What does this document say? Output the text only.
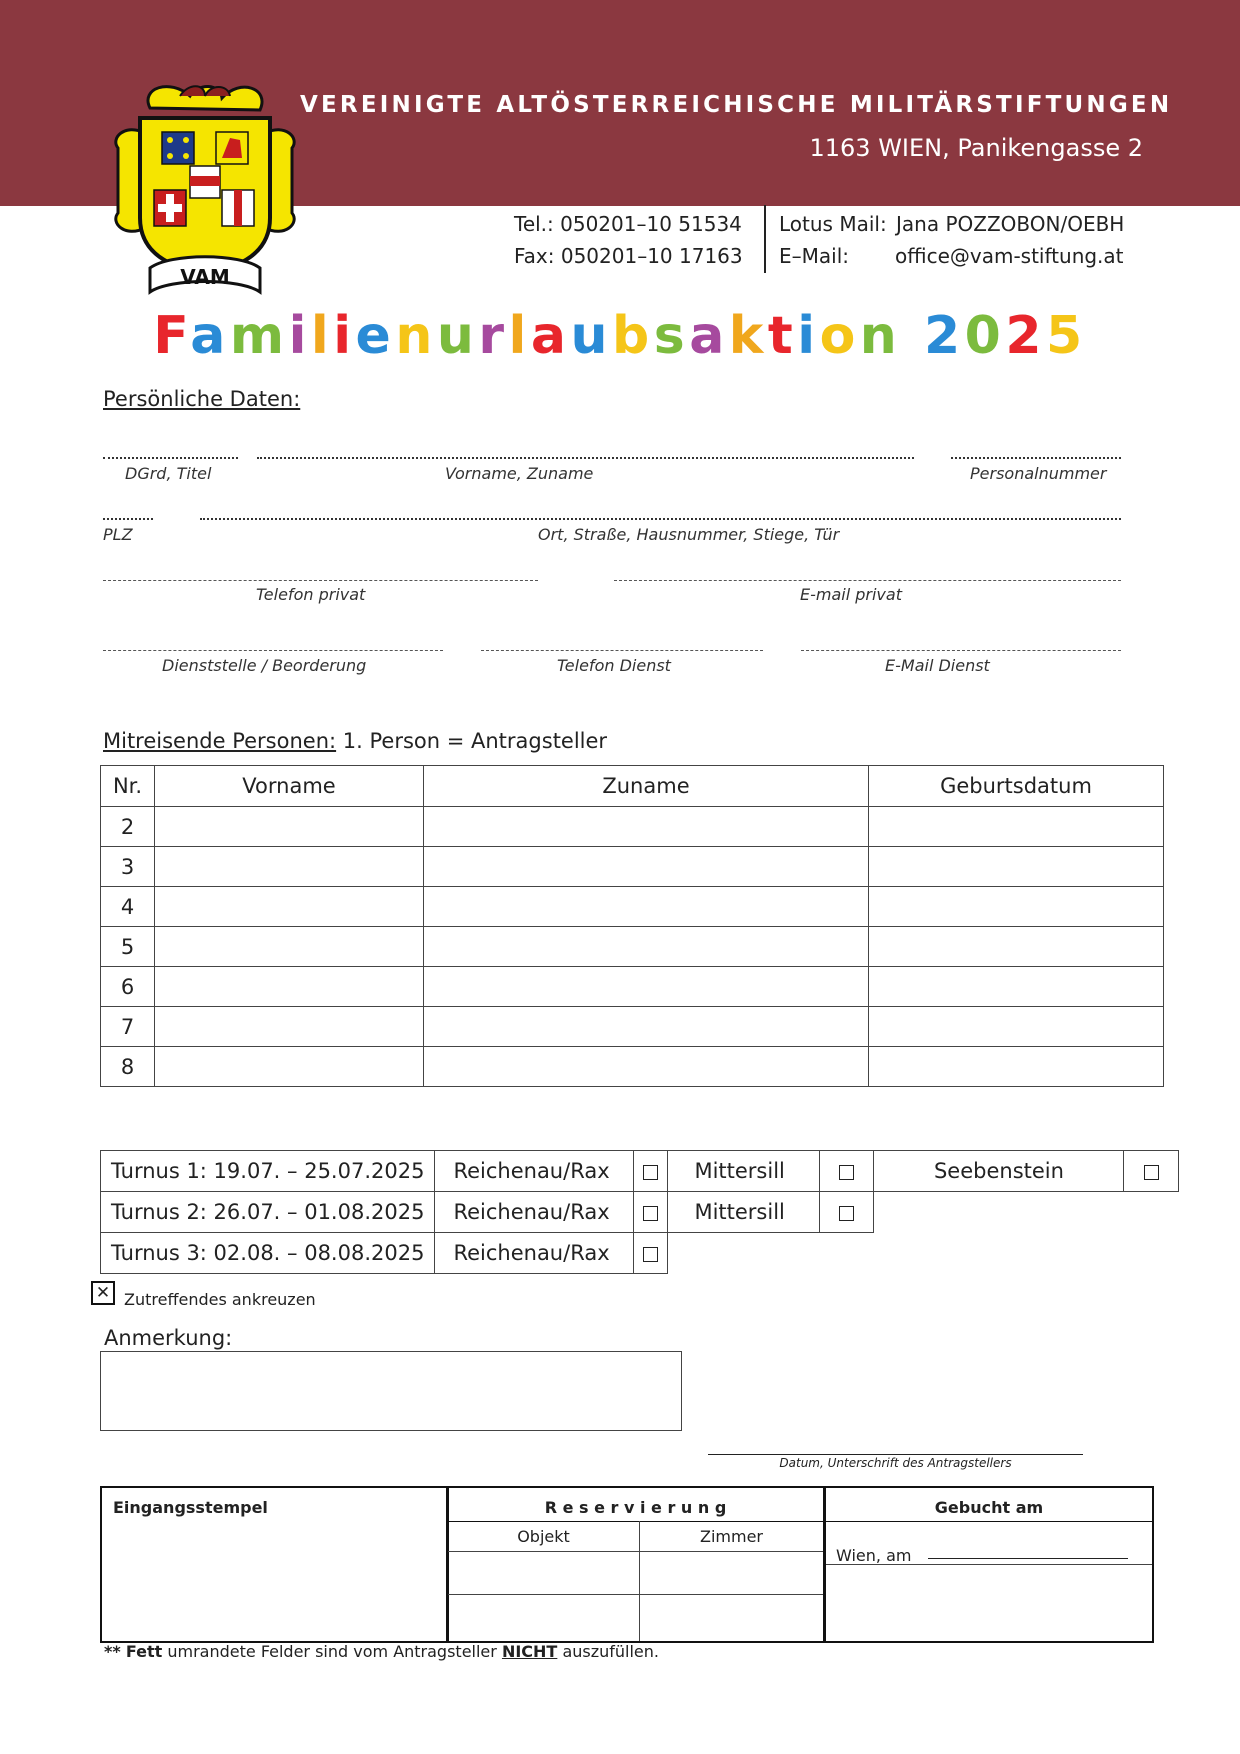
VEREINIGTE ALTÖSTERREICHISCHE MILITÄRSTIFTUNGEN
1163 WIEN, Panikengasse 2
VAM
Tel.: 050201–10 51534
Fax: 050201–10 17163
Lotus Mail: Jana POZZOBON/OEBH
E–Mail: office@vam-stiftung.at
Familienurlaubsaktion 2025
Persönliche Daten:
DGrd, Titel	Vorname, Zuname	Personalnummer
PLZ	Ort, Straße, Hausnummer, Stiege, Tür
Telefon privat	E-mail privat
Dienststelle / Beorderung	Telefon Dienst	E-Mail Dienst
Mitreisende Personen: 1. Person = Antragsteller
Nr.	Vorname	Zuname	Geburtsdatum
2			
3			
4			
5			
6			
7			
8			
Turnus 1: 19.07. – 25.07.2025	Reichenau/Rax		Mittersill		Seebenstein	
Turnus 2: 26.07. – 01.08.2025	Reichenau/Rax		Mittersill			
Turnus 3: 02.08. – 08.08.2025	Reichenau/Rax					
✕ Zutreffendes ankreuzen
Anmerkung:
Datum, Unterschrift des Antragstellers
Eingangsstempel	R e s e r v i e r u n g
Objekt	Zimmer
Gebucht am
Wien, am
** Fett umrandete Felder sind vom Antragsteller NICHT auszufüllen.
